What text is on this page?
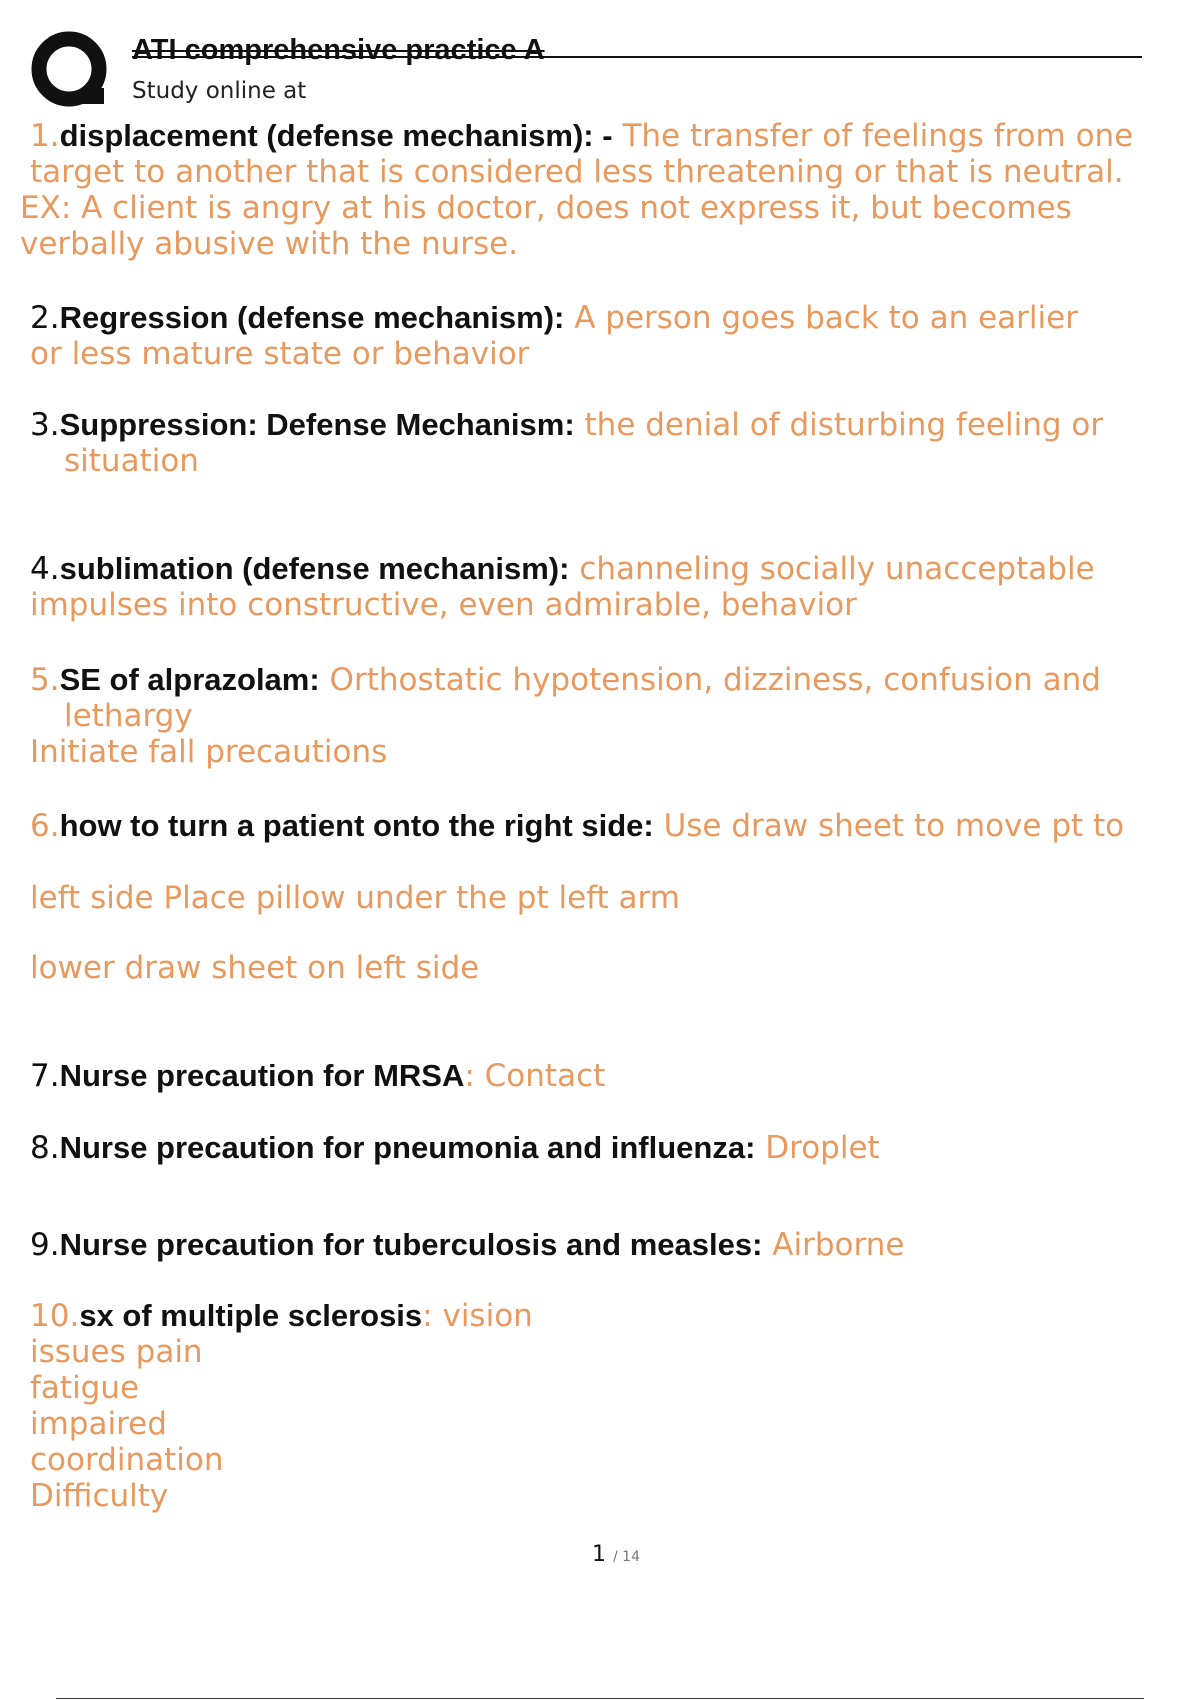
ATI comprehensive practice A
Study online at
1.displacement (defense mechanism): - The transfer of feelings from one
target to another that is considered less threatening or that is neutral.
EX: A client is angry at his doctor, does not express it, but becomes
verbally abusive with the nurse.
2.Regression (defense mechanism): A person goes back to an earlier
or less mature state or behavior
3.Suppression: Defense Mechanism: the denial of disturbing feeling or
situation
4.sublimation (defense mechanism): channeling socially unacceptable
impulses into constructive, even admirable, behavior
5.SE of alprazolam: Orthostatic hypotension, dizziness, confusion and
lethargy
Initiate fall precautions
6.how to turn a patient onto the right side: Use draw sheet to move pt to
left side Place pillow under the pt left arm
lower draw sheet on left side
7.Nurse precaution for MRSA: Contact
8.Nurse precaution for pneumonia and influenza: Droplet
9.Nurse precaution for tuberculosis and measles: Airborne
10.sx of multiple sclerosis: vision
issues pain
fatigue
impaired
coordination
Difficulty
1 / 14
